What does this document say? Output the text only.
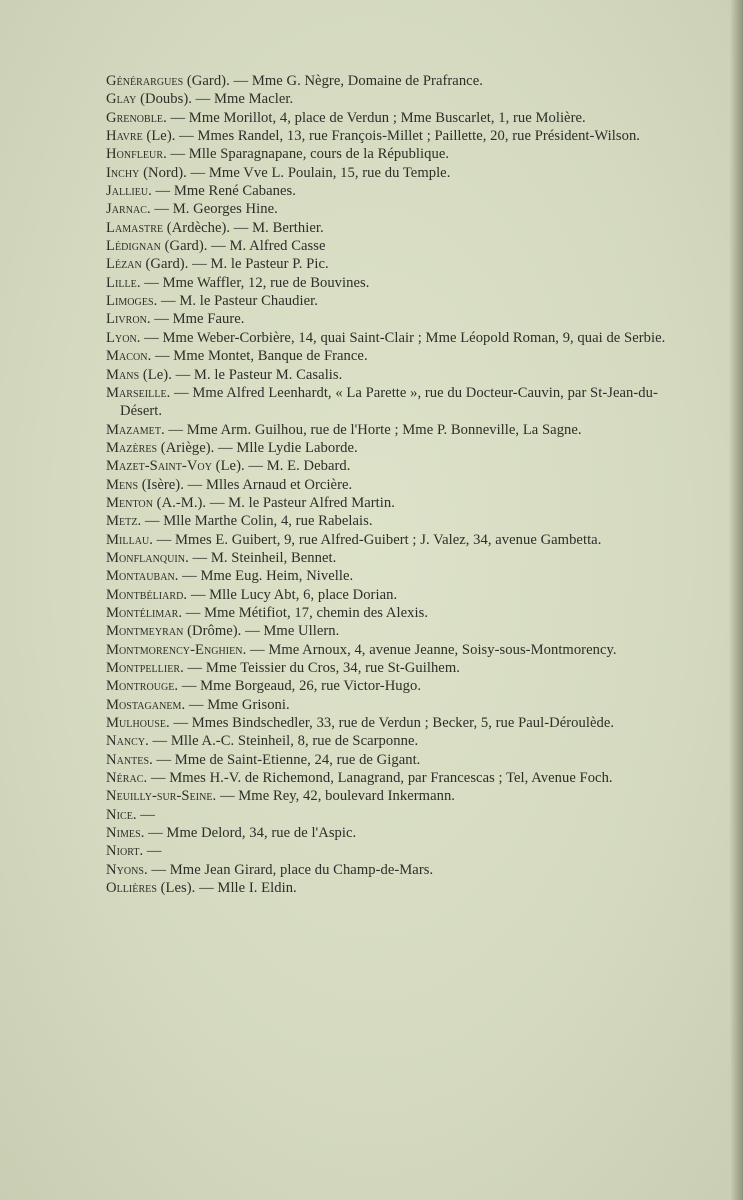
Générargues (Gard). — Mme G. Nègre, Domaine de Prafrance.
Glay (Doubs). — Mme Macler.
Grenoble. — Mme Morillot, 4, place de Verdun ; Mme Buscarlet, 1, rue Molière.
Havre (Le). — Mmes Randel, 13, rue François-Millet ; Paillette, 20, rue Président-Wilson.
Honfleur. — Mlle Sparagnapane, cours de la République.
Inchy (Nord). — Mme Vve L. Poulain, 15, rue du Temple.
Jallieu. — Mme René Cabanes.
Jarnac. — M. Georges Hine.
Lamastre (Ardèche). — M. Berthier.
Lédignan (Gard). — M. Alfred Casse
Lézan (Gard). — M. le Pasteur P. Pic.
Lille. — Mme Waffler, 12, rue de Bouvines.
Limoges. — M. le Pasteur Chaudier.
Livron. — Mme Faure.
Lyon. — Mme Weber-Corbière, 14, quai Saint-Clair ; Mme Léopold Roman, 9, quai de Serbie.
Macon. — Mme Montet, Banque de France.
Mans (Le). — M. le Pasteur M. Casalis.
Marseille. — Mme Alfred Leenhardt, « La Parette », rue du Docteur-Cauvin, par St-Jean-du-Désert.
Mazamet. — Mme Arm. Guilhou, rue de l'Horte ; Mme P. Bonneville, La Sagne.
Mazères (Ariège). — Mlle Lydie Laborde.
Mazet-Saint-Voy (Le). — M. E. Debard.
Mens (Isère). — Mlles Arnaud et Orcière.
Menton (A.-M.). — M. le Pasteur Alfred Martin.
Metz. — Mlle Marthe Colin, 4, rue Rabelais.
Millau. — Mmes E. Guibert, 9, rue Alfred-Guibert ; J. Valez, 34, avenue Gambetta.
Monflanquin. — M. Steinheil, Bennet.
Montauban. — Mme Eug. Heim, Nivelle.
Montbéliard. — Mlle Lucy Abt, 6, place Dorian.
Montélimar. — Mme Métifiot, 17, chemin des Alexis.
Montmeyran (Drôme). — Mme Ullern.
Montmorency-Enghien. — Mme Arnoux, 4, avenue Jeanne, Soisy-sous-Montmorency.
Montpellier. — Mme Teissier du Cros, 34, rue St-Guilhem.
Montrouge. — Mme Borgeaud, 26, rue Victor-Hugo.
Mostaganem. — Mme Grisoni.
Mulhouse. — Mmes Bindschedler, 33, rue de Verdun ; Becker, 5, rue Paul-Déroulède.
Nancy. — Mlle A.-C. Steinheil, 8, rue de Scarponne.
Nantes. — Mme de Saint-Etienne, 24, rue de Gigant.
Nérac. — Mmes H.-V. de Richemond, Lanagrand, par Francescas ; Tel, Avenue Foch.
Neuilly-sur-Seine. — Mme Rey, 42, boulevard Inkermann.
Nice. —
Nimes. — Mme Delord, 34, rue de l'Aspic.
Niort. —
Nyons. — Mme Jean Girard, place du Champ-de-Mars.
Ollières (Les). — Mlle I. Eldin.
